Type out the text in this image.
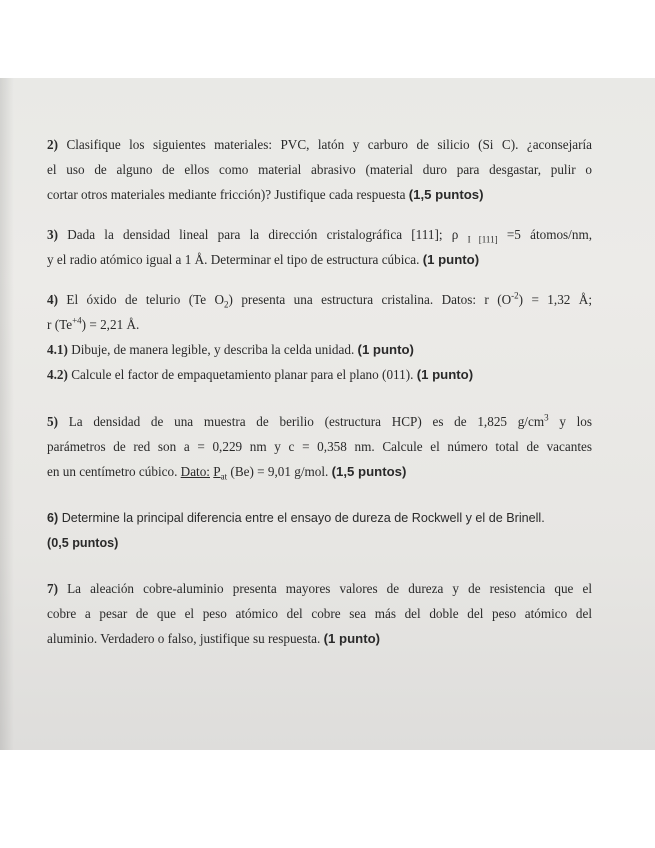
2) Clasifique los siguientes materiales: PVC, latón y carburo de silicio (Si C). ¿aconsejaría
el uso de alguno de ellos como material abrasivo (material duro para desgastar, pulir o
cortar otros materiales mediante fricción)? Justifique cada respuesta (1,5 puntos)
3) Dada la densidad lineal para la dirección cristalográfica [111]; ρ $_{I [111]}$ =5 átomos/nm,
y el radio atómico igual a 1 Å. Determinar el tipo de estructura cúbica. (1 punto)
4) El óxido de telurio (Te $O_2$) presenta una estructura cristalina. Datos: r $(O^{-2}) = 1,32$ Å;
r $(Te^{+4}) = 2,21$ Å.
4.1) Dibuje, de manera legible, y describa la celda unidad. (1 punto)
4.2) Calcule el factor de empaquetamiento planar para el plano (011). (1 punto)
5) La densidad de una muestra de berilio (estructura HCP) es de 1,825 $g/cm^3$ y los
parámetros de red son a = 0,229 nm y c = 0,358 nm. Calcule el número total de vacantes
en un centímetro cúbico. Dato: $P_{at}$ (Be) = 9,01 g/mol. (1,5 puntos)
6) Determine la principal diferencia entre el ensayo de dureza de Rockwell y el de Brinell.
(0,5 puntos)
7) La aleación cobre-aluminio presenta mayores valores de dureza y de resistencia que el
cobre a pesar de que el peso atómico del cobre sea más del doble del peso atómico del
aluminio. Verdadero o falso, justifique su respuesta. (1 punto)
